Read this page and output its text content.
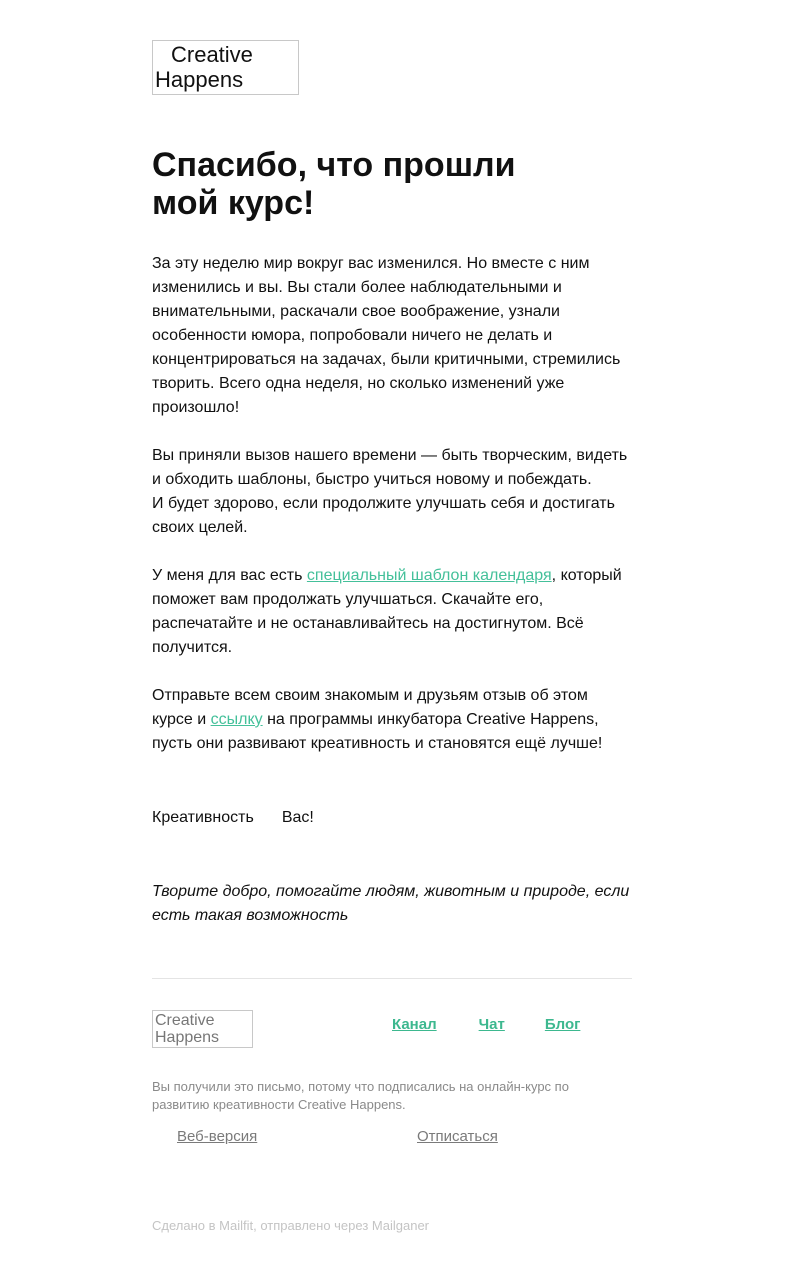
Creative
Happens
Спасибо, что прошли
мой курс!

За эту неделю мир вокруг вас изменился. Но вместе с ним изменились и вы. Вы стали более наблюдательными и внимательными, раскачали свое воображение, узнали особенности юмора, попробовали ничего не делать и концентрироваться на задачах, были критичными, стремились творить. Всего одна неделя, но сколько изменений уже произошло!

Вы приняли вызов нашего времени — быть творческим, видеть и обходить шаблоны, быстро учиться новому и побеждать.
И будет здорово, если продолжите улучшать себя и достигать своих целей.

У меня для вас есть специальный шаблон календаря, который поможет вам продолжать улучшаться. Скачайте его, распечатайте и не останавливайтесь на достигнутом. Всё получится.

Отправьте всем своим знакомым и друзьям отзыв об этом курсе и ссылку на программы инкубатора Creative Happens, пусть они развивают креативность и становятся ещё лучше!

Креативность Вас!
Творите добро, помогайте людям, животным и природе, если есть такая возможность
Creative
Happens
Канал	Чат	Блог
Вы получили это письмо, потому что подписались на онлайн-курс по развитию креативности Creative Happens.
Веб-версия	Отписаться
Сделано в Mailfit, отправлено через Mailganer
